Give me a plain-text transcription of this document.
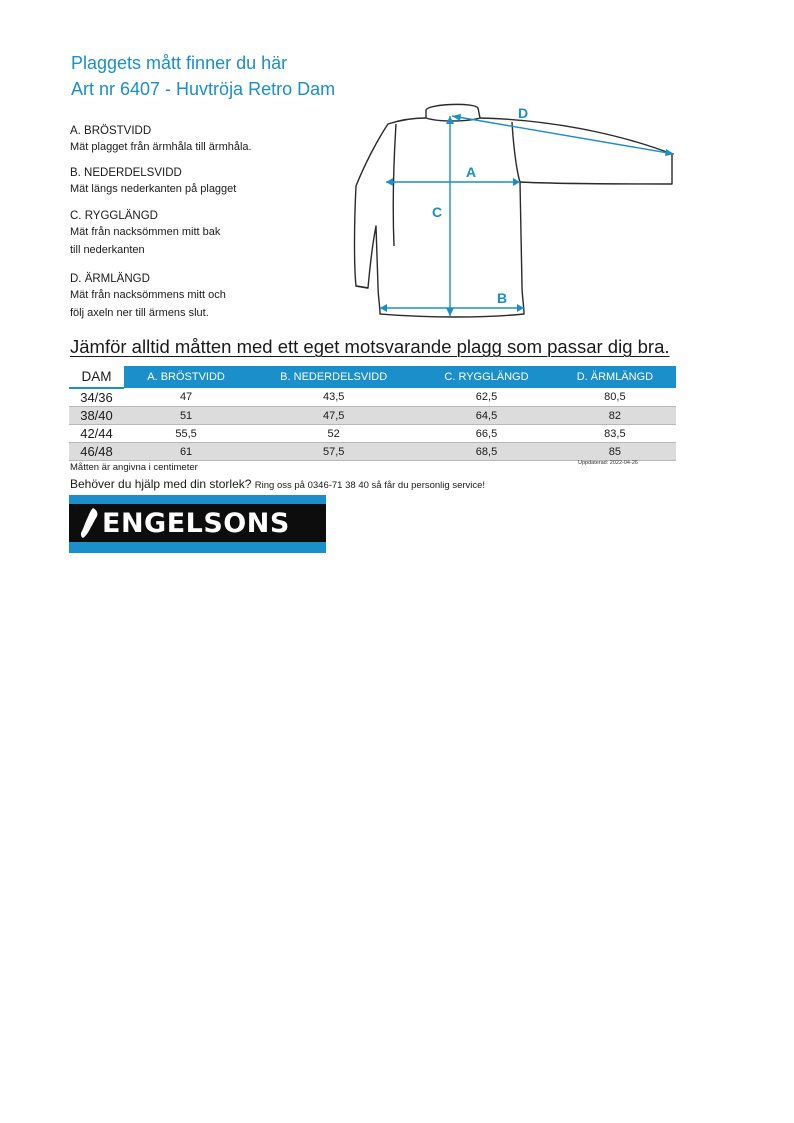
Plaggets mått finner du här
Art nr 6407 - Huvtröja Retro Dam
A. BRÖSTVIDD
Mät plagget från ärmhåla till ärmhåla.
B. NEDERDELSVIDD
Mät längs nederkanten på plagget
C. RYGGLÄNGD
Mät från nacksömmen mitt bak
till nederkanten
D. ÄRMLÄNGD
Mät från nacksömmens mitt och
följ axeln ner till ärmens slut.
D
A
C
B
Jämför alltid måtten med ett eget motsvarande plagg som passar dig bra.
DAM	A. BRÖSTVIDD	B. NEDERDELSVIDD	C. RYGGLÄNGD	D. ÄRMLÄNGD
34/36	47	43,5	62,5	80,5
38/40	51	47,5	64,5	82
42/44	55,5	52	66,5	83,5
46/48	61	57,5	68,5	85
Måtten är angivna i centimeter	Uppdaterad: 2022-04-26
Behöver du hjälp med din storlek? Ring oss på 0346-71 38 40 så får du personlig service!
ENGELSONS
